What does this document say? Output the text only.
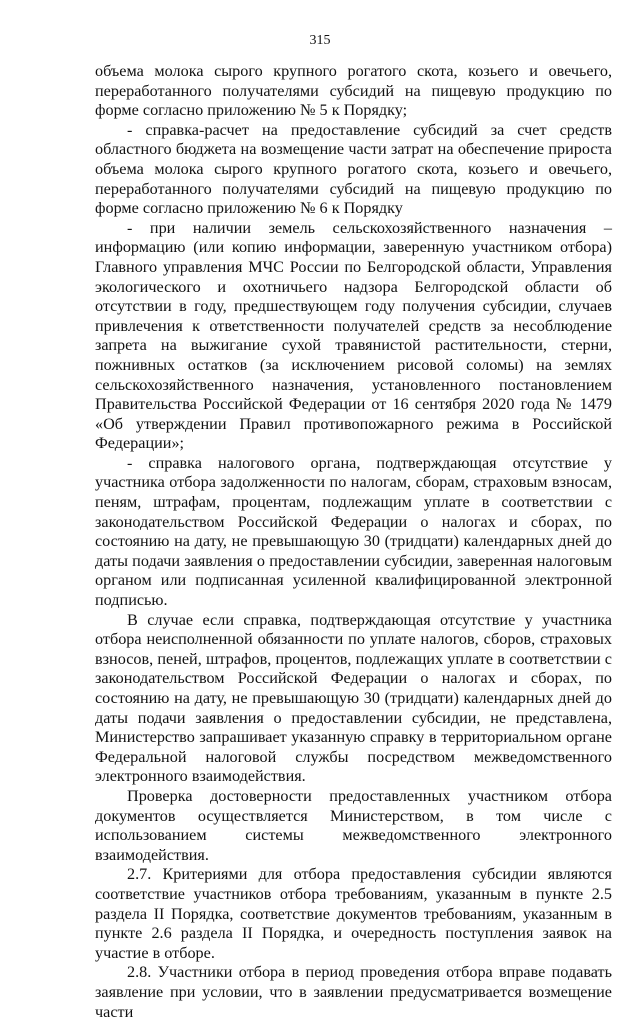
315

объема молока сырого крупного рогатого скота, козьего и овечьего, переработанного получателями субсидий на пищевую продукцию по форме согласно приложению № 5 к Порядку;

- справка-расчет на предоставление субсидий за счет средств областного бюджета на возмещение части затрат на обеспечение прироста объема молока сырого крупного рогатого скота, козьего и овечьего, переработанного получателями субсидий на пищевую продукцию по форме согласно приложению № 6 к Порядку

- при наличии земель сельскохозяйственного назначения – информацию (или копию информации, заверенную участником отбора) Главного управления МЧС России по Белгородской области, Управления экологического и охотничьего надзора Белгородской области об отсутствии в году, предшествующем году получения субсидии, случаев привлечения к ответственности получателей средств за несоблюдение запрета на выжигание сухой травянистой растительности, стерни, пожнивных остатков (за исключением рисовой соломы) на землях сельскохозяйственного назначения, установленного постановлением Правительства Российской Федерации от 16 сентября 2020 года № 1479 «Об утверждении Правил противопожарного режима в Российской Федерации»;

- справка налогового органа, подтверждающая отсутствие у участника отбора задолженности по налогам, сборам, страховым взносам, пеням, штрафам, процентам, подлежащим уплате в соответствии с законодательством Российской Федерации о налогах и сборах, по состоянию на дату, не превышающую 30 (тридцати) календарных дней до даты подачи заявления о предоставлении субсидии, заверенная налоговым органом или подписанная усиленной квалифицированной электронной подписью.

В случае если справка, подтверждающая отсутствие у участника отбора неисполненной обязанности по уплате налогов, сборов, страховых взносов, пеней, штрафов, процентов, подлежащих уплате в соответствии с законодательством Российской Федерации о налогах и сборах, по состоянию на дату, не превышающую 30 (тридцати) календарных дней до даты подачи заявления о предоставлении субсидии, не представлена, Министерство запрашивает указанную справку в территориальном органе Федеральной налоговой службы посредством межведомственного электронного взаимодействия.

Проверка достоверности предоставленных участником отбора документов осуществляется Министерством, в том числе с использованием системы межведомственного электронного взаимодействия.

2.7. Критериями для отбора предоставления субсидии являются соответствие участников отбора требованиям, указанным в пункте 2.5 раздела II Порядка, соответствие документов требованиям, указанным в пункте 2.6 раздела II Порядка, и очередность поступления заявок на участие в отборе.

2.8. Участники отбора в период проведения отбора вправе подавать заявление при условии, что в заявлении предусматривается возмещение части
